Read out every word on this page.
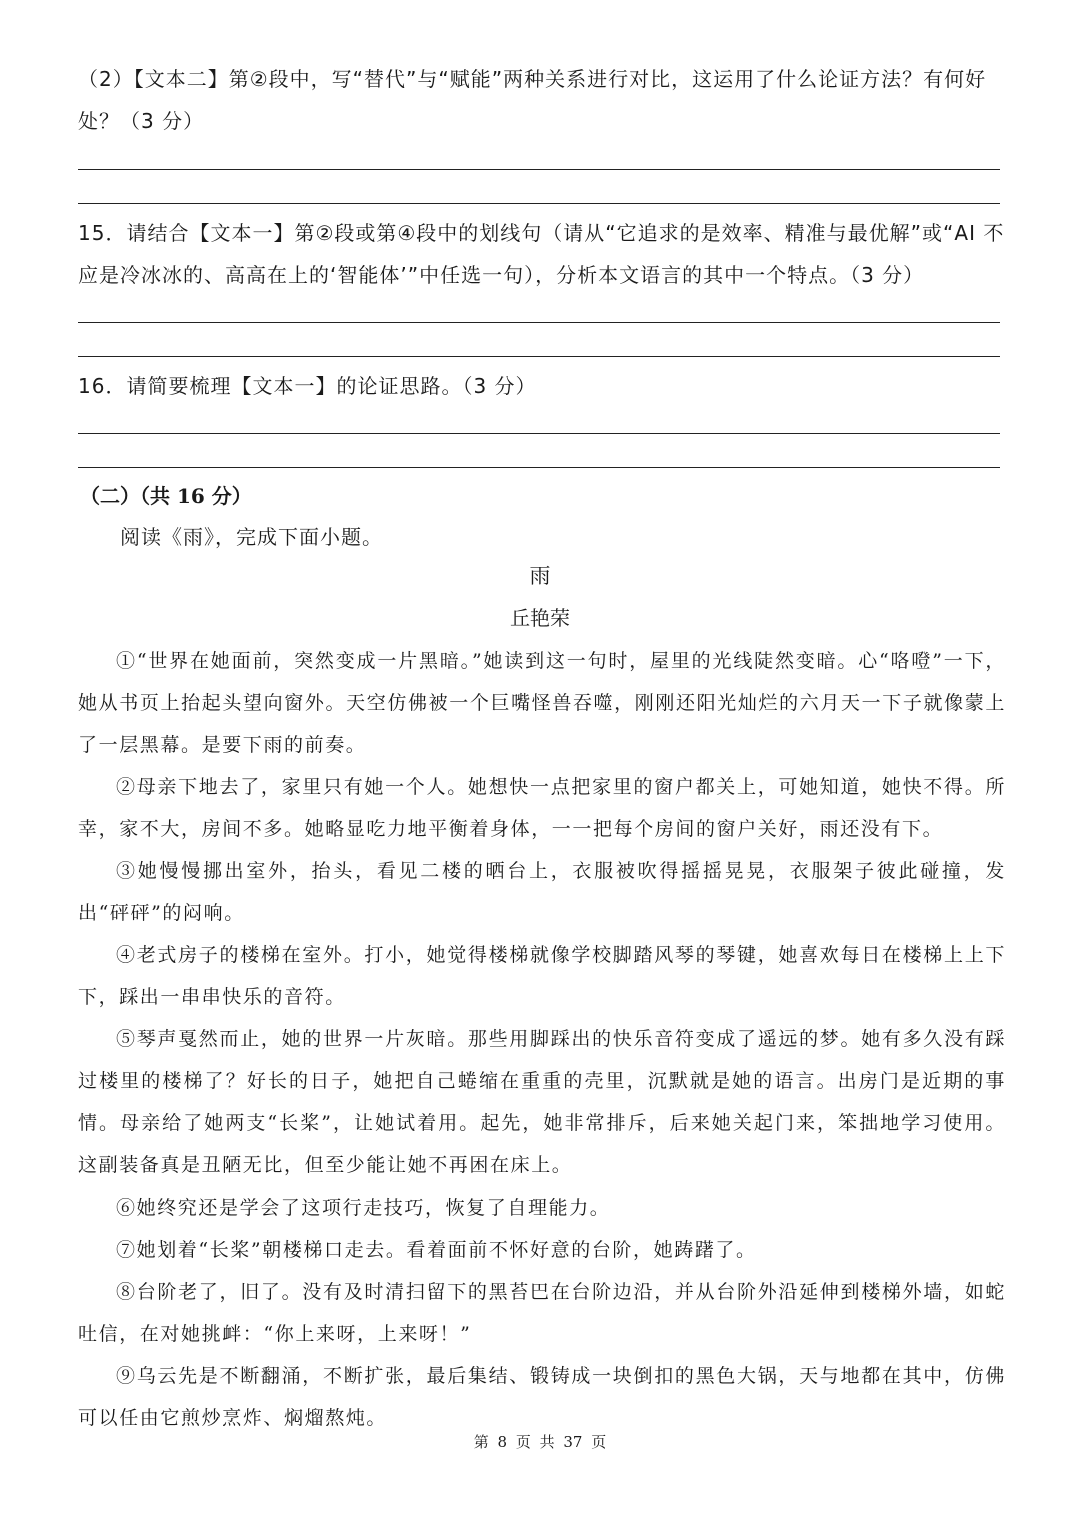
（2）【文本二】第②段中，写“替代”与“赋能”两种关系进行对比，这运用了什么论证方法？有何好处？（3 分）

15．请结合【文本一】第②段或第④段中的划线句（请从“它追求的是效率、精准与最优解”或“AI 不应是冷冰冰的、高高在上的‘智能体’”中任选一句），分析本文语言的其中一个特点。（3 分）

16．请简要梳理【文本一】的论证思路。（3 分）

（二）（共 16 分）

阅读《雨》，完成下面小题。

雨

丘艳荣

①“世界在她面前，突然变成一片黑暗。”她读到这一句时，屋里的光线陡然变暗。心“咯噔”一下，她从书页上抬起头望向窗外。天空仿佛被一个巨嘴怪兽吞噬，刚刚还阳光灿烂的六月天一下子就像蒙上了一层黑幕。是要下雨的前奏。

②母亲下地去了，家里只有她一个人。她想快一点把家里的窗户都关上，可她知道，她快不得。所幸，家不大，房间不多。她略显吃力地平衡着身体，一一把每个房间的窗户关好，雨还没有下。

③她慢慢挪出室外，抬头，看见二楼的晒台上，衣服被吹得摇摇晃晃，衣服架子彼此碰撞，发出“砰砰”的闷响。

④老式房子的楼梯在室外。打小，她觉得楼梯就像学校脚踏风琴的琴键，她喜欢每日在楼梯上上下下，踩出一串串快乐的音符。

⑤琴声戛然而止，她的世界一片灰暗。那些用脚踩出的快乐音符变成了遥远的梦。她有多久没有踩过楼里的楼梯了？好长的日子，她把自己蜷缩在重重的壳里，沉默就是她的语言。出房门是近期的事情。母亲给了她两支“长桨”，让她试着用。起先，她非常排斥，后来她关起门来，笨拙地学习使用。这副装备真是丑陋无比，但至少能让她不再困在床上。

⑥她终究还是学会了这项行走技巧，恢复了自理能力。

⑦她划着“长桨”朝楼梯口走去。看着面前不怀好意的台阶，她踌躇了。

⑧台阶老了，旧了。没有及时清扫留下的黑苔巴在台阶边沿，并从台阶外沿延伸到楼梯外墙，如蛇吐信，在对她挑衅：“你上来呀，上来呀！”

⑨乌云先是不断翻涌，不断扩张，最后集结、锻铸成一块倒扣的黑色大锅，天与地都在其中，仿佛可以任由它煎炒烹炸、焖熘熬炖。

第 8 页 共 37 页
